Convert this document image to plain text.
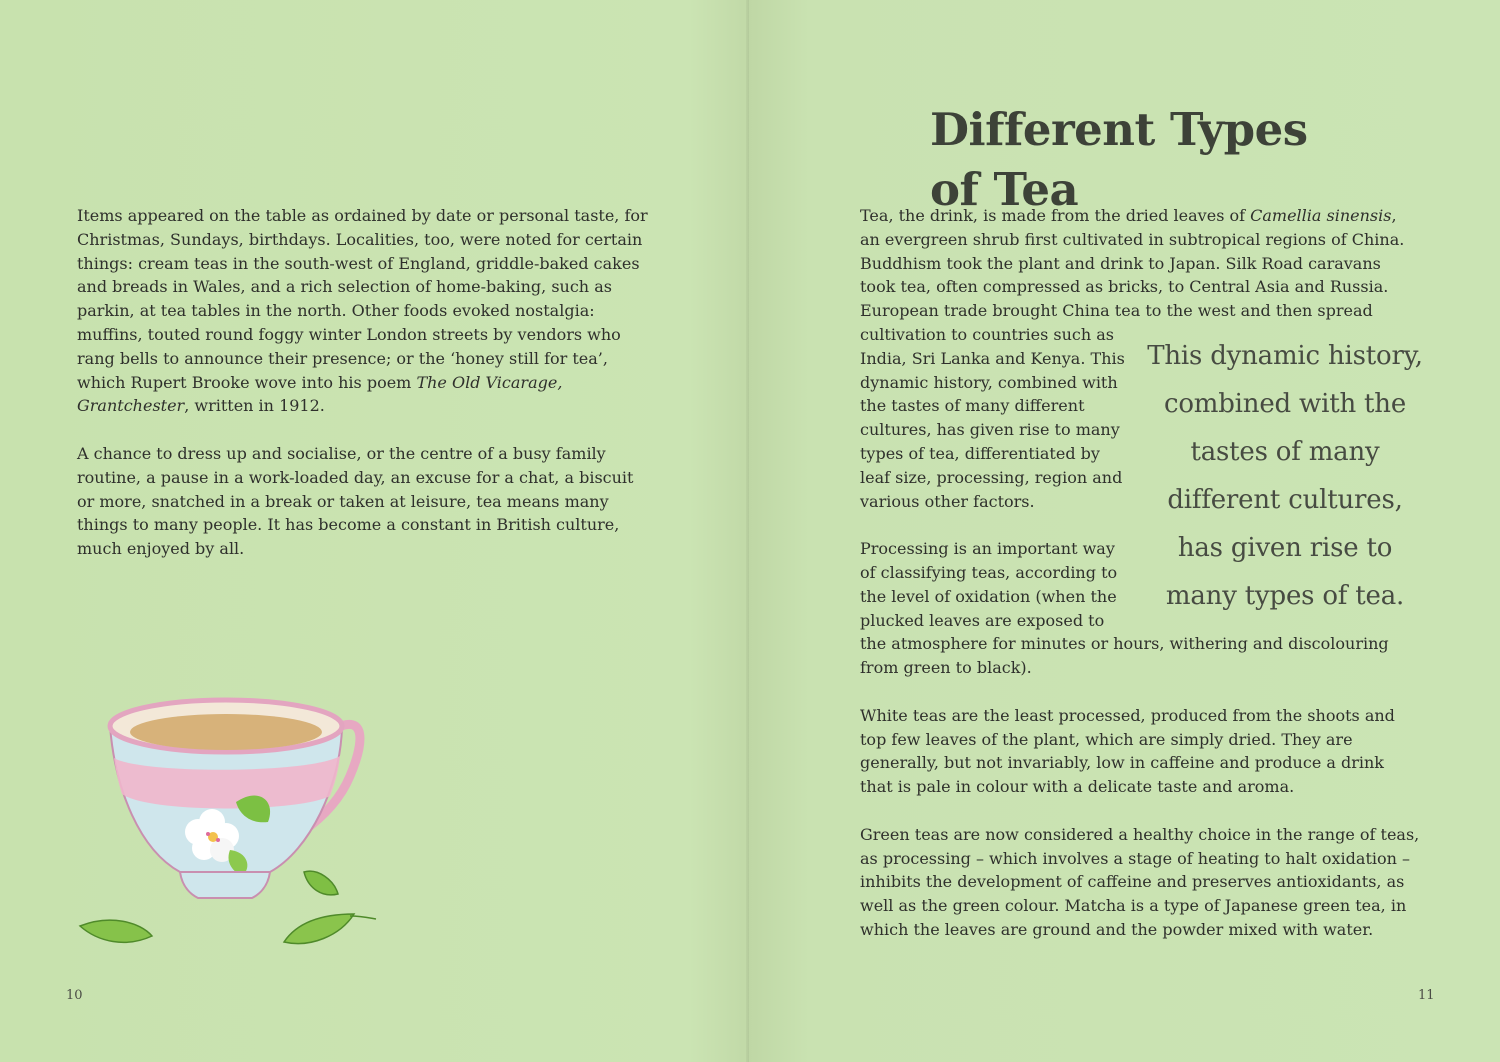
Items appeared on the table as ordained by date or personal taste, for Christmas, Sundays, birthdays. Localities, too, were noted for certain things: cream teas in the south-west of England, griddle-baked cakes and breads in Wales, and a rich selection of home-baking, such as parkin, at tea tables in the north. Other foods evoked nostalgia: muffins, touted round foggy winter London streets by vendors who rang bells to announce their presence; or the ‘honey still for tea’, which Rupert Brooke wove into his poem The Old Vicarage, Grantchester, written in 1912.

A chance to dress up and socialise, or the centre of a busy family routine, a pause in a work-loaded day, an excuse for a chat, a biscuit or more, snatched in a break or taken at leisure, tea means many things to many people. It has become a constant in British culture, much enjoyed by all.

10
Different Types of Tea
This dynamic history, combined with the tastes of many different cultures, has given rise to many types of tea.

Tea, the drink, is made from the dried leaves of Camellia sinensis, an evergreen shrub first cultivated in subtropical regions of China. Buddhism took the plant and drink to Japan. Silk Road caravans took tea, often compressed as bricks, to Central Asia and Russia. European trade brought China tea to the west and then spread cultivation to countries such as India, Sri Lanka and Kenya. This dynamic history, combined with the tastes of many different cultures, has given rise to many types of tea, differentiated by leaf size, processing, region and various other factors.

Processing is an important way of classifying teas, according to the level of oxidation (when the plucked leaves are exposed to the atmosphere for minutes or hours, withering and discolouring from green to black).

White teas are the least processed, produced from the shoots and top few leaves of the plant, which are simply dried. They are generally, but not invariably, low in caffeine and produce a drink that is pale in colour with a delicate taste and aroma.

Green teas are now considered a healthy choice in the range of teas, as processing – which involves a stage of heating to halt oxidation – inhibits the development of caffeine and preserves antioxidants, as well as the green colour. Matcha is a type of Japanese green tea, in which the leaves are ground and the powder mixed with water.

11
